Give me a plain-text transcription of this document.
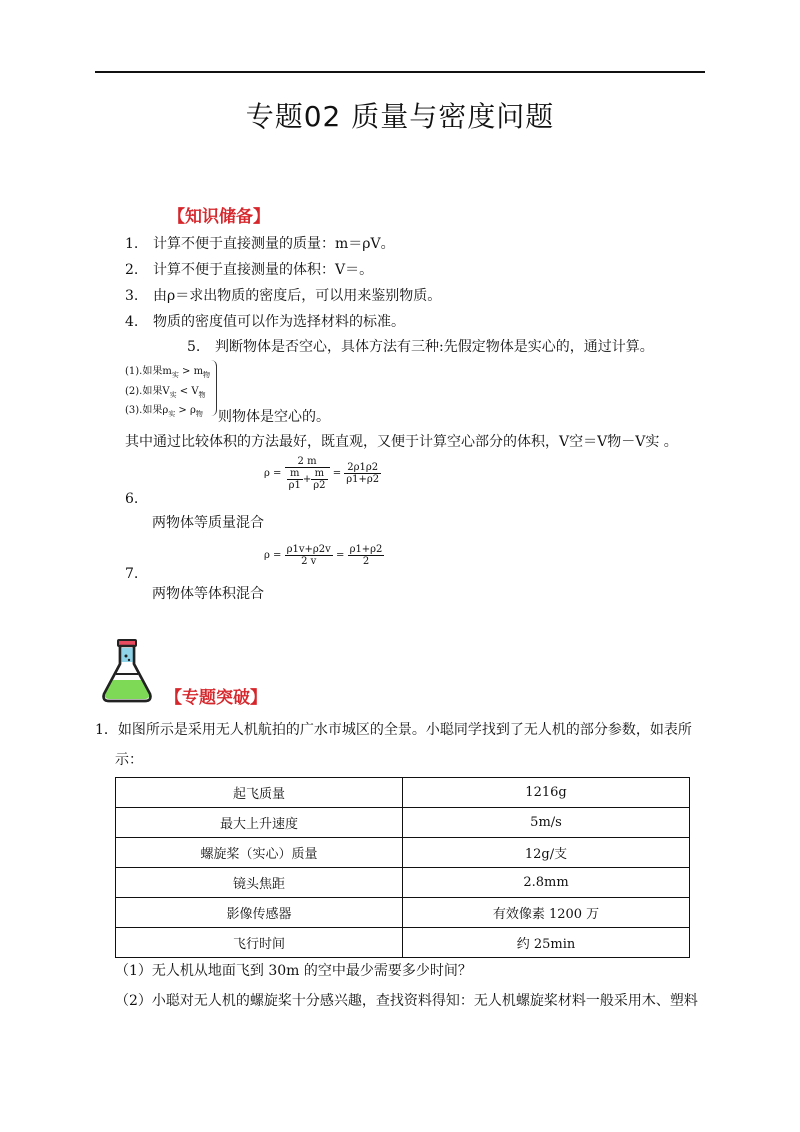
专题02 质量与密度问题
【知识储备】
1. 计算不便于直接测量的质量：m＝ρV。
2. 计算不便于直接测量的体积：V＝。
3. 由ρ＝求出物质的密度后，可以用来鉴别物质。
4. 物质的密度值可以作为选择材料的标准。
5. 判断物体是否空心，具体方法有三种:先假定物体是实心的，通过计算。
(1).如果$m_实 > m_物$
(2).如果$V_实 < V_物$
(3).如果$\rho_实 > \rho_物$ 则物体是空心的。
其中通过比较体积的方法最好，既直观，又便于计算空心部分的体积，V空＝V物－V实 。
$\rho = \frac{2 m}{\frac{m}{\rho 1} + \frac{m}{\rho 2}} = \frac{2\rho 1\rho 2}{\rho 1+\rho 2}$
6.
两物体等质量混合
$\rho = \frac{\rho 1v+\rho 2v}{2 v} = \frac{\rho 1+\rho 2}{2}$
7.
两物体等体积混合
【专题突破】
1．如图所示是采用无人机航拍的广水市城区的全景。小聪同学找到了无人机的部分参数，如表所
示：
起飞质量	1216g
最大上升速度	5m/s
螺旋桨（实心）质量	12g/支
镜头焦距	2.8mm
影像传感器	有效像素 1200 万
飞行时间	约 25min
（1）无人机从地面飞到 30m 的空中最少需要多少时间？
（2）小聪对无人机的螺旋桨十分感兴趣，查找资料得知：无人机螺旋桨材料一般采用木、塑料
